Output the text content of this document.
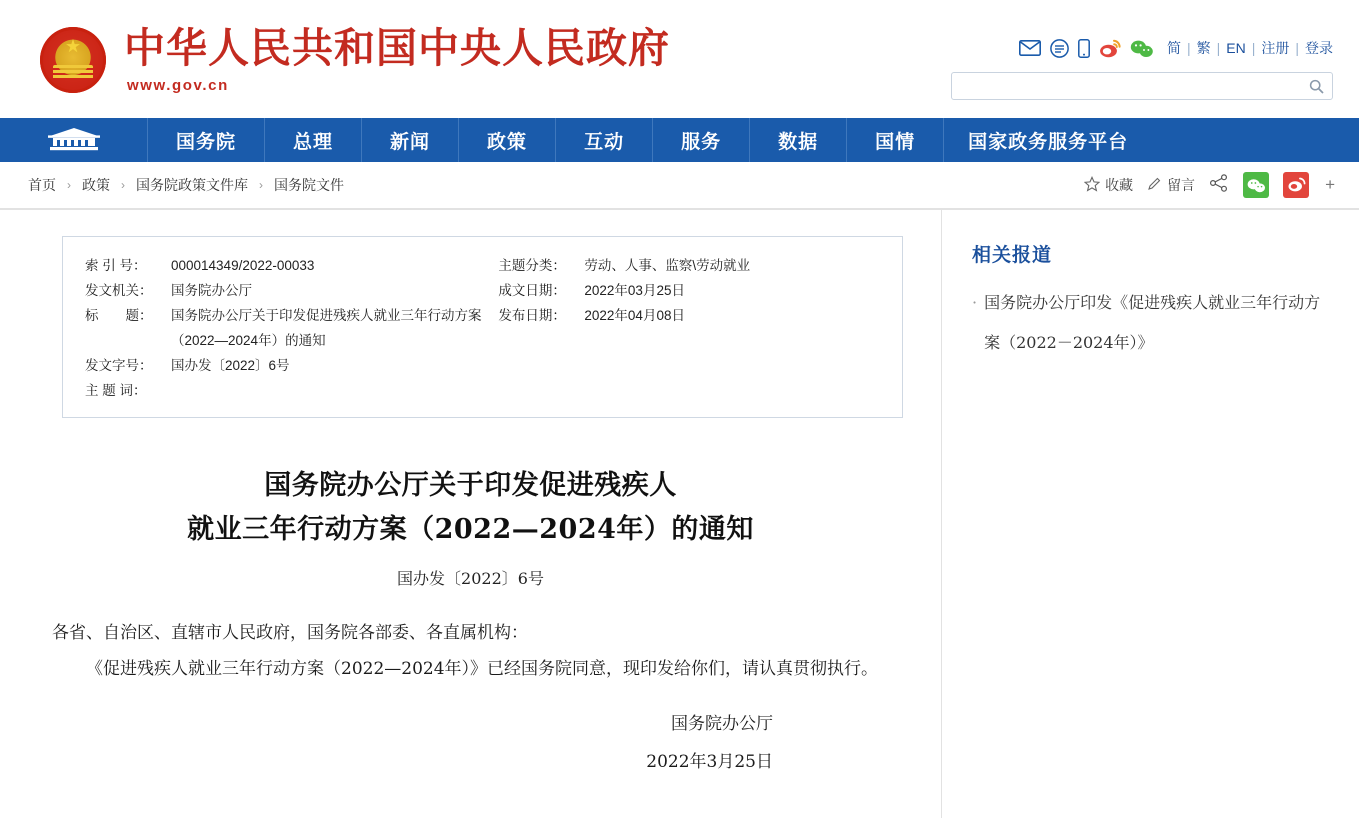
★
中华人民共和国中央人民政府
www.gov.cn
简 | 繁 | EN | 注册 | 登录
国务院	总理	新闻	政策	互动	服务	数据	国情	国家政务服务平台
首页 › 政策 › 国务院政策文件库 › 国务院文件	收藏 留言	+
索 引 号：	000014349/2022-00033
发文机关：	国务院办公厅
标　　题：	国务院办公厅关于印发促进残疾人就业三年行动方案（2022—2024年）的通知
发文字号：	国办发〔2022〕6号
主 题 词：
主题分类：	劳动、人事、监察\劳动就业
成文日期：	2022年03月25日
发布日期：	2022年04月08日
国务院办公厅关于印发促进残疾人
就业三年行动方案（2022—2024年）的通知
国办发〔2022〕6号

各省、自治区、直辖市人民政府，国务院各部委、各直属机构：

《促进残疾人就业三年行动方案（2022—2024年）》已经国务院同意，现印发给你们，请认真贯彻执行。

国务院办公厅
2022年3月25日
相关报道
· 国务院办公厅印发《促进残疾人就业三年行动方案（2022－2024年）》
